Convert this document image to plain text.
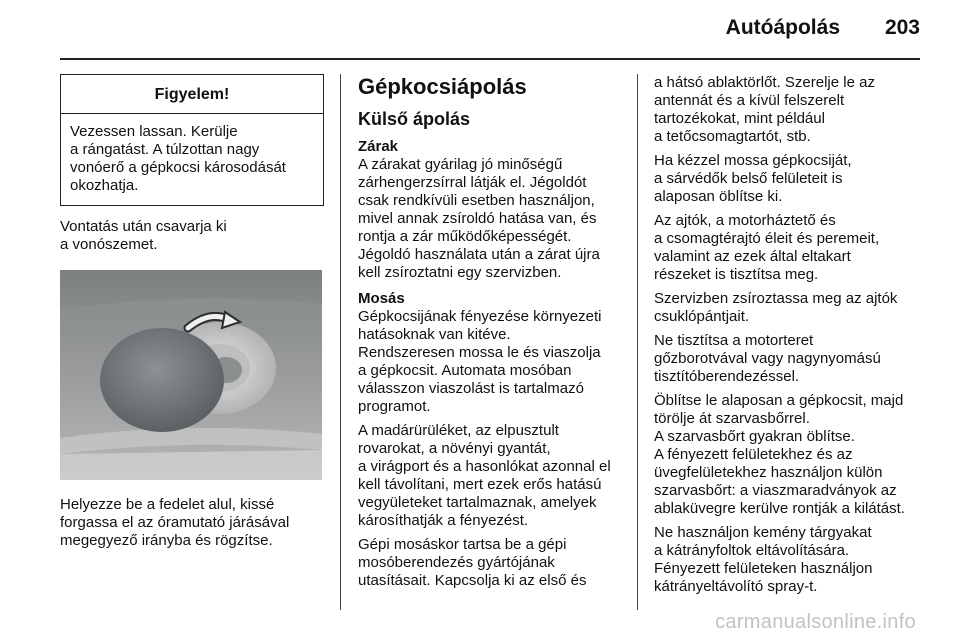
Autóápolás 203
Figyelem!
Vezessen lassan. Kerülje
a rángatást. A túlzottan nagy
vonóerő a gépkocsi károsodását
okozhatja.
Vontatás után csavarja ki
a vonószemet.
Helyezze be a fedelet alul, kissé
forgassa el az óramutató járásával
megegyező irányba és rögzítse.
Gépkocsiápolás
Külső ápolás
Zárak
A zárakat gyárilag jó minőségű
zárhengerzsírral látják el. Jégoldót
csak rendkívüli esetben használjon,
mivel annak zsíroldó hatása van, és
rontja a zár működőképességét.
Jégoldó használata után a zárat újra
kell zsíroztatni egy szervizben.
Mosás
Gépkocsijának fényezése környezeti
hatásoknak van kitéve.
Rendszeresen mossa le és viaszolja
a gépkocsit. Automata mosóban
válasszon viaszolást is tartalmazó
programot.
A madárürüléket, az elpusztult
rovarokat, a növényi gyantát,
a virágport és a hasonlókat azonnal el
kell távolítani, mert ezek erős hatású
vegyületeket tartalmaznak, amelyek
károsíthatják a fényezést.
Gépi mosáskor tartsa be a gépi
mosóberendezés gyártójának
utasításait. Kapcsolja ki az első és
a hátsó ablaktörlőt. Szerelje le az
antennát és a kívül felszerelt
tartozékokat, mint például
a tetőcsomagtartót, stb.
Ha kézzel mossa gépkocsiját,
a sárvédők belső felületeit is
alaposan öblítse ki.
Az ajtók, a motorháztető és
a csomagtérajtó éleit és peremeit,
valamint az ezek által eltakart
részeket is tisztítsa meg.
Szervizben zsíroztassa meg az ajtók
csuklópántjait.
Ne tisztítsa a motorteret
gőzborotvával vagy nagynyomású
tisztítóberendezéssel.
Öblítse le alaposan a gépkocsit, majd
törölje át szarvasbőrrel.
A szarvasbőrt gyakran öblítse.
A fényezett felületekhez és az
üvegfelületekhez használjon külön
szarvasbőrt: a viaszmaradványok az
ablaküvegre kerülve rontják a kilátást.
Ne használjon kemény tárgyakat
a kátrányfoltok eltávolítására.
Fényezett felületeken használjon
kátrányeltávolító spray-t.
carmanualsonline.info
